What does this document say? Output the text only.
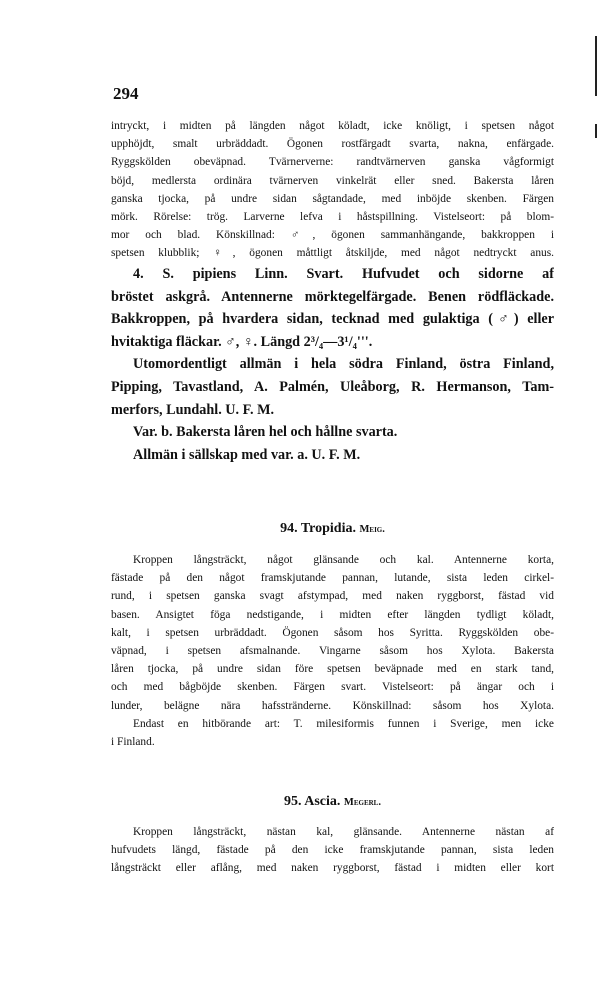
294
intryckt, i midten på längden något köladt, icke knöligt, i spetsen något
upphöjdt, smalt urbräddadt. Ögonen rostfärgadt svarta, nakna, enfärgade.
Ryggskölden obeväpnad. Tvärnerverne: randtvärnerven ganska vågformigt
böjd, medlersta ordinära tvärnerven vinkelrät eller sned. Bakersta låren
ganska tjocka, på undre sidan sågtandade, med inböjde skenben. Färgen
mörk. Rörelse: trög. Larverne lefva i håstspillning. Vistelseort: på blom-
mor och blad. Könskillnad: ♂, ögonen sammanhängande, bakkroppen i
spetsen klubblik; ♀, ögonen måttligt åtskiljde, med något nedtryckt anus.
4. S. pipiens Linn. Svart. Hufvudet och sidorne af
bröstet askgrå. Antennerne mörktegelfärgade. Benen rödfläckade.
Bakkroppen, på hvardera sidan, tecknad med gulaktiga (♂) eller
hvitaktiga fläckar. ♂, ♀. Längd 2³/₄—3¹/₄'''.
Utomordentligt allmän i hela södra Finland, östra Finland,
Pipping, Tavastland, A. Palmén, Uleåborg, R. Hermanson, Tam-
merfors, Lundahl. U. F. M.
Var. b. Bakersta låren hel och hållne svarta.
Allmän i sällskap med var. a. U. F. M.
94. Tropidia. Meig.
Kroppen långsträckt, något glänsande och kal. Antennerne korta,
fästade på den något framskjutande pannan, lutande, sista leden cirkel-
rund, i spetsen ganska svagt afstympad, med naken ryggborst, fästad vid
basen. Ansigtet föga nedstigande, i midten efter längden tydligt köladt,
kalt, i spetsen urbräddadt. Ögonen såsom hos Syritta. Ryggskölden obe-
väpnad, i spetsen afsmalnande. Vingarne såsom hos Xylota. Bakersta
låren tjocka, på undre sidan före spetsen beväpnade med en stark tand,
och med bågböjde skenben. Färgen svart. Vistelseort: på ängar och i
lunder, belägne nära hafsstränderne. Könskillnad: såsom hos Xylota.
Endast en hitbörande art: T. milesiformis funnen i Sverige, men icke
i Finland.
95. Ascia. Megerl.
Kroppen långsträckt, nästan kal, glänsande. Antennerne nästan af
hufvudets längd, fästade på den icke framskjutande pannan, sista leden
långsträckt eller aflång, med naken ryggborst, fästad i midten eller kort
